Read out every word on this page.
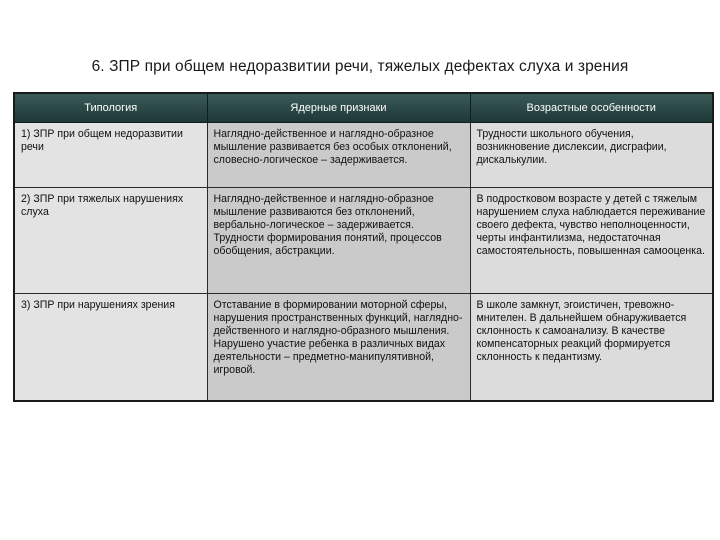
6. ЗПР при общем недоразвитии речи, тяжелых дефектах слуха и зрения
Типология	Ядерные признаки	Возрастные особенности
1) ЗПР при общем недоразвитии речи	Наглядно-действенное и наглядно-образное мышление развивается без особых отклонений, словесно-логическое – задерживается.	Трудности школьного обучения, возникновение дислексии, дисграфии, дискалькулии.
2) ЗПР при тяжелых нарушениях слуха	Наглядно-действенное и наглядно-образное мышление развиваются без отклонений, вербально-логическое – задерживается. Трудности формирования понятий, процессов обобщения, абстракции.	В подростковом возрасте у детей с тяжелым нарушением слуха наблюдается переживание своего дефекта, чувство неполноценности, черты инфантилизма, недостаточная самостоятельность, повышенная самооценка.
3) ЗПР при нарушениях зрения	Отставание в формировании моторной сферы, нарушения пространственных функций, наглядно-действенного и наглядно-образного мышления. Нарушено участие ребенка в различных видах деятельности – предметно-манипулятивной, игровой.	В школе замкнут, эгоистичен, тревожно-мнителен. В дальнейшем обнаруживается склонность к самоанализу. В качестве компенсаторных реакций формируется склонность к педантизму.
